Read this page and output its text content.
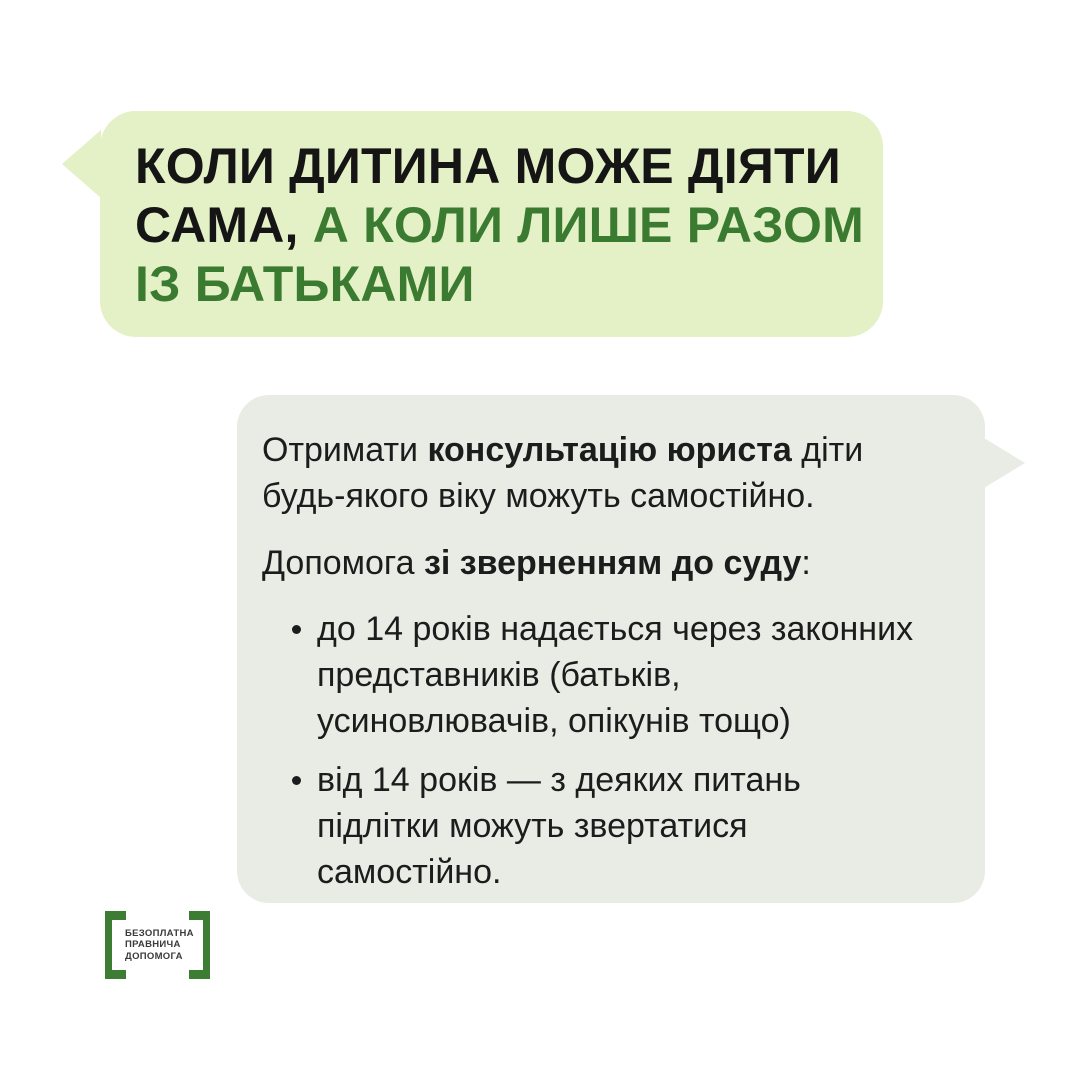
КОЛИ ДИТИНА МОЖЕ ДІЯТИ
САМА, А КОЛИ ЛИШЕ РАЗОМ
ІЗ БАТЬКАМИ

Отримати консультацію юриста діти
будь-якого віку можуть самостійно.

Допомога зі зверненням до суду:

до 14 років надається через законних
представників (батьків,
усиновлювачів, опікунів тощо)
від 14 років — з деяких питань
підлітки можуть звертатися
самостійно.
БЕЗОПЛАТНА
ПРАВНИЧА
ДОПОМОГА
